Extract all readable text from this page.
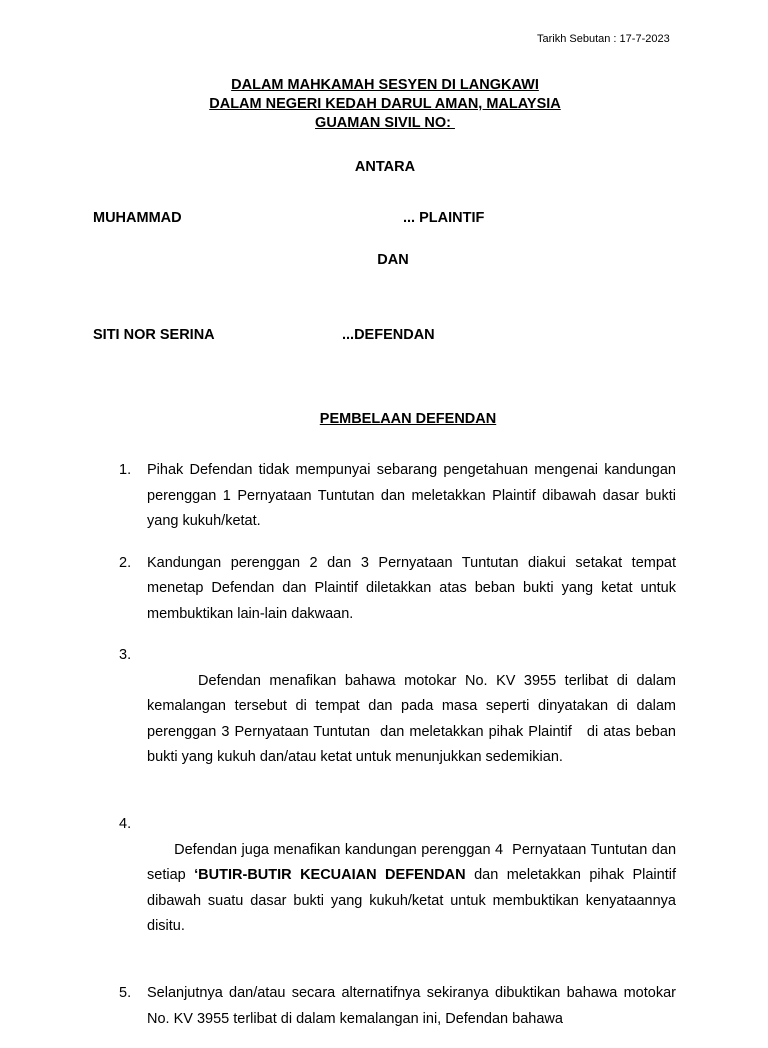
Tarikh Sebutan : 17-7-2023
DALAM MAHKAMAH SESYEN DI LANGKAWI
DALAM NEGERI KEDAH DARUL AMAN, MALAYSIA
GUAMAN SIVIL NO:
ANTARA
MUHAMMAD	... PLAINTIF
DAN
SITI NOR SERINA	...DEFENDAN
PEMBELAAN DEFENDAN
1. Pihak Defendan tidak mempunyai sebarang pengetahuan mengenai kandungan perenggan 1 Pernyataan Tuntutan dan meletakkan Plaintif dibawah dasar bukti yang kukuh/ketat.
2. Kandungan perenggan 2 dan 3 Pernyataan Tuntutan diakui setakat tempat menetap Defendan dan Plaintif diletakkan atas beban bukti yang ketat untuk membuktikan lain-lain dakwaan.

3.
Defendan menafikan bahawa motokar No. KV 3955 terlibat di dalam kemalangan tersebut di tempat dan pada masa seperti dinyatakan di dalam perenggan 3 Pernyataan Tuntutan  dan meletakkan pihak Plaintif   di atas beban bukti yang kukuh dan/atau ketat untuk menunjukkan sedemikian.

4.
Defendan juga menafikan kandungan perenggan 4  Pernyataan Tuntutan dan setiap ‘BUTIR-BUTIR KECUAIAN DEFENDAN dan meletakkan pihak Plaintif  dibawah suatu dasar bukti yang kukuh/ketat untuk membuktikan kenyataannya disitu.

5. Selanjutnya dan/atau secara alternatifnya sekiranya dibuktikan bahawa motokar No. KV 3955 terlibat di dalam kemalangan ini, Defendan bahawa
